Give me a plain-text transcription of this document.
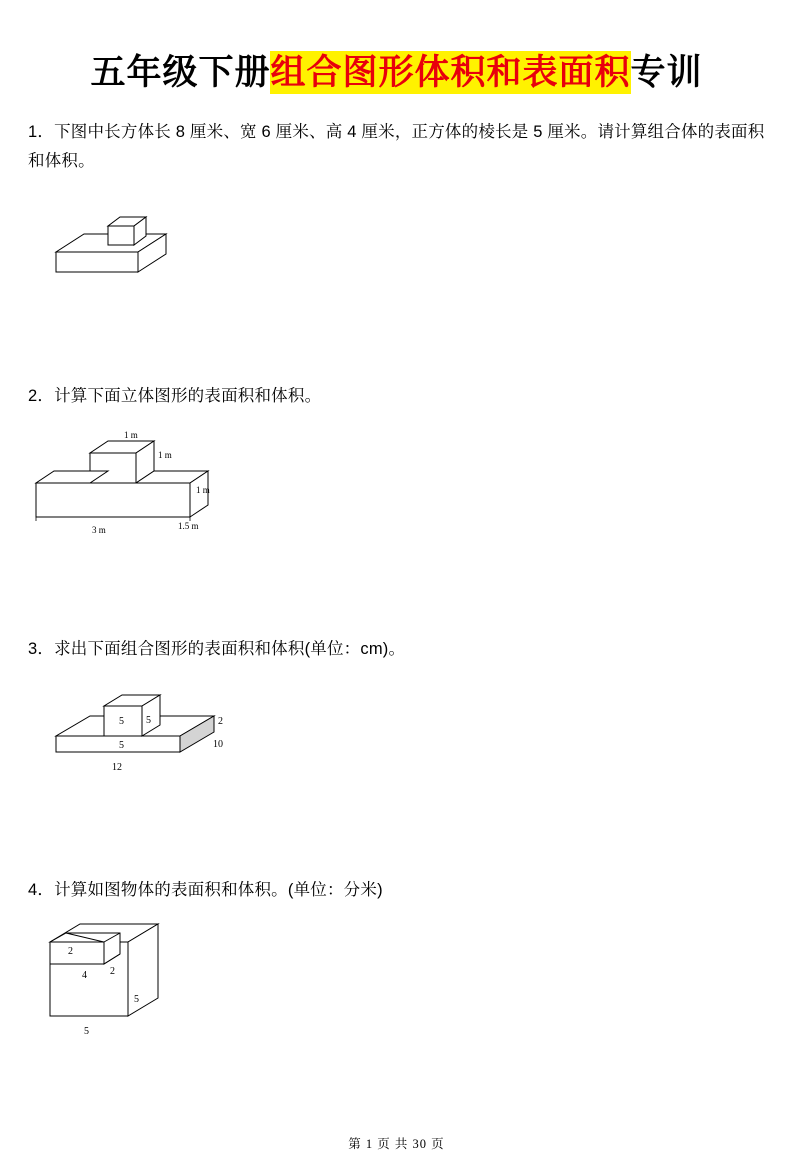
五年级下册组合图形体积和表面积专训
1．下图中长方体长 8 厘米、宽 6 厘米、高 4 厘米，正方体的棱长是 5 厘米。请计算组合体的表面积和体积。
2．计算下面立体图形的表面积和体积。
1 m
1 m
1 m
1.5 m
3 m
3．求出下面组合图形的表面积和体积(单位：cm)。
5 5
5
2
10
12
4．计算如图物体的表面积和体积。(单位：分米)
2
2
4
5
5
第 1 页 共 30 页
